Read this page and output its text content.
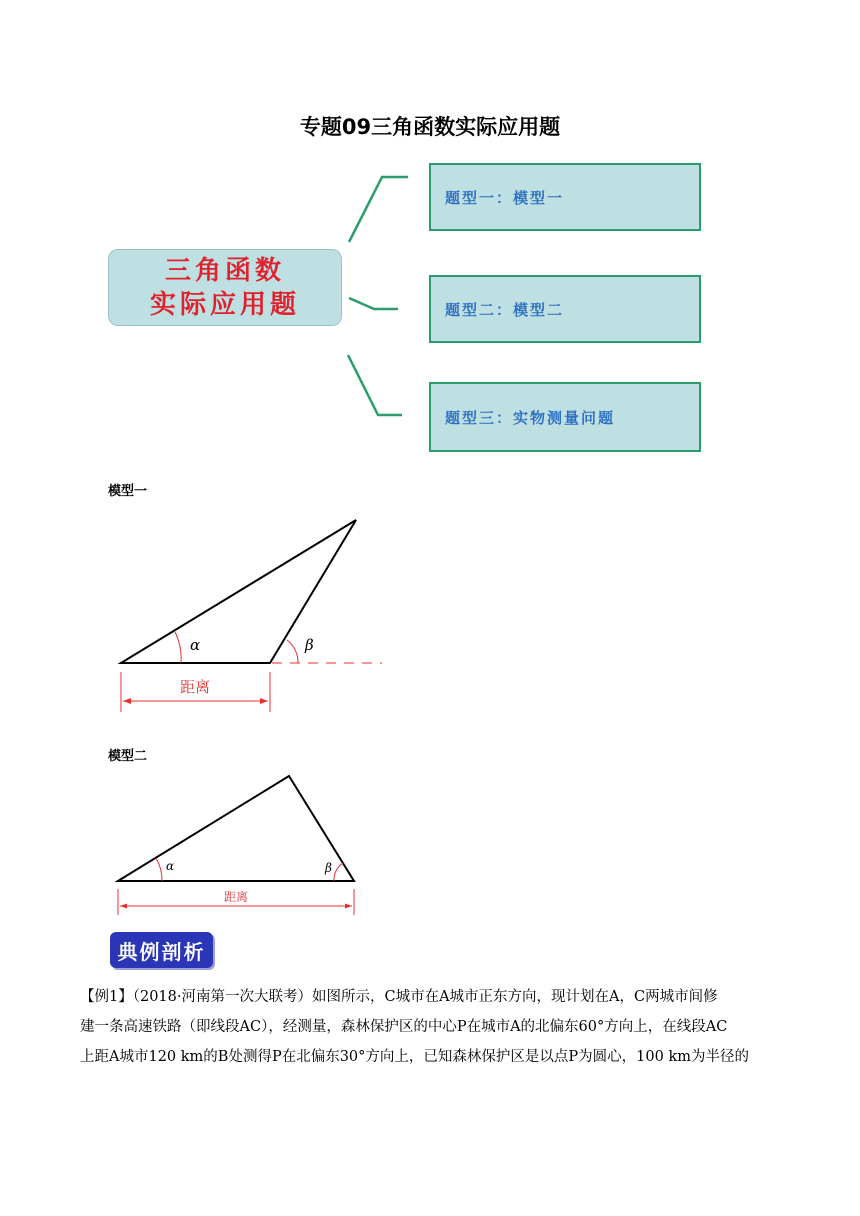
专题09三角函数实际应用题
三角函数
实际应用题
题型一：模型一
题型二：模型二
题型三：实物测量问题
模型一
α	β
距离
模型二
α	β
距离
典例剖析

【例1】（2018·河南第一次大联考）如图所示，C城市在A城市正东方向，现计划在A，C两城市间修

建一条高速铁路（即线段AC），经测量，森林保护区的中心P在城市A的北偏东60°方向上，在线段AC

上距A城市120 km的B处测得P在北偏东30°方向上，已知森林保护区是以点P为圆心，100 km为半径的
